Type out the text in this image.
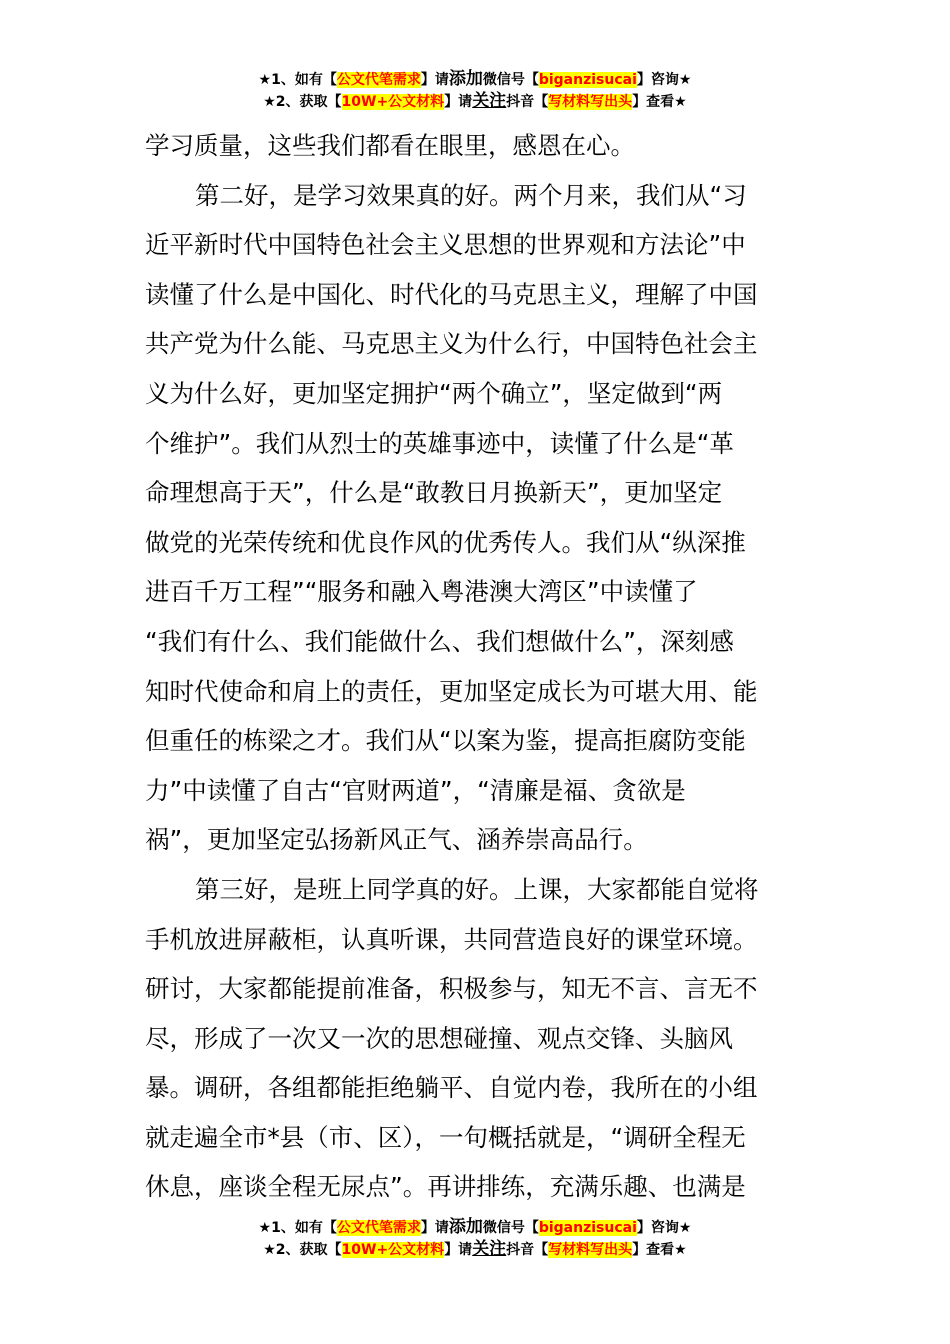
★1、如有【公文代笔需求】请添加微信号【biganzisucai】咨询★
★2、获取【10W+公文材料】请关注抖音【写材料写出头】查看★
学习质量，这些我们都看在眼里，感恩在心。
第二好，是学习效果真的好。两个月来，我们从“习
近平新时代中国特色社会主义思想的世界观和方法论”中
读懂了什么是中国化、时代化的马克思主义，理解了中国
共产党为什么能、马克思主义为什么行，中国特色社会主
义为什么好，更加坚定拥护“两个确立”，坚定做到“两
个维护”。我们从烈士的英雄事迹中，读懂了什么是“革
命理想高于天”，什么是“敢教日月换新天”，更加坚定
做党的光荣传统和优良作风的优秀传人。我们从“纵深推
进百千万工程”“服务和融入粤港澳大湾区”中读懂了
“我们有什么、我们能做什么、我们想做什么”，深刻感
知时代使命和肩上的责任，更加坚定成长为可堪大用、能
但重任的栋梁之才。我们从“以案为鉴，提高拒腐防变能
力”中读懂了自古“官财两道”，“清廉是福、贪欲是
祸”，更加坚定弘扬新风正气、涵养崇高品行。
第三好，是班上同学真的好。上课，大家都能自觉将
手机放进屏蔽柜，认真听课，共同营造良好的课堂环境。
研讨，大家都能提前准备，积极参与，知无不言、言无不
尽，形成了一次又一次的思想碰撞、观点交锋、头脑风
暴。调研，各组都能拒绝躺平、自觉内卷，我所在的小组
就走遍全市*县（市、区），一句概括就是，“调研全程无
休息，座谈全程无尿点”。再讲排练，充满乐趣、也满是
★1、如有【公文代笔需求】请添加微信号【biganzisucai】咨询★
★2、获取【10W+公文材料】请关注抖音【写材料写出头】查看★
